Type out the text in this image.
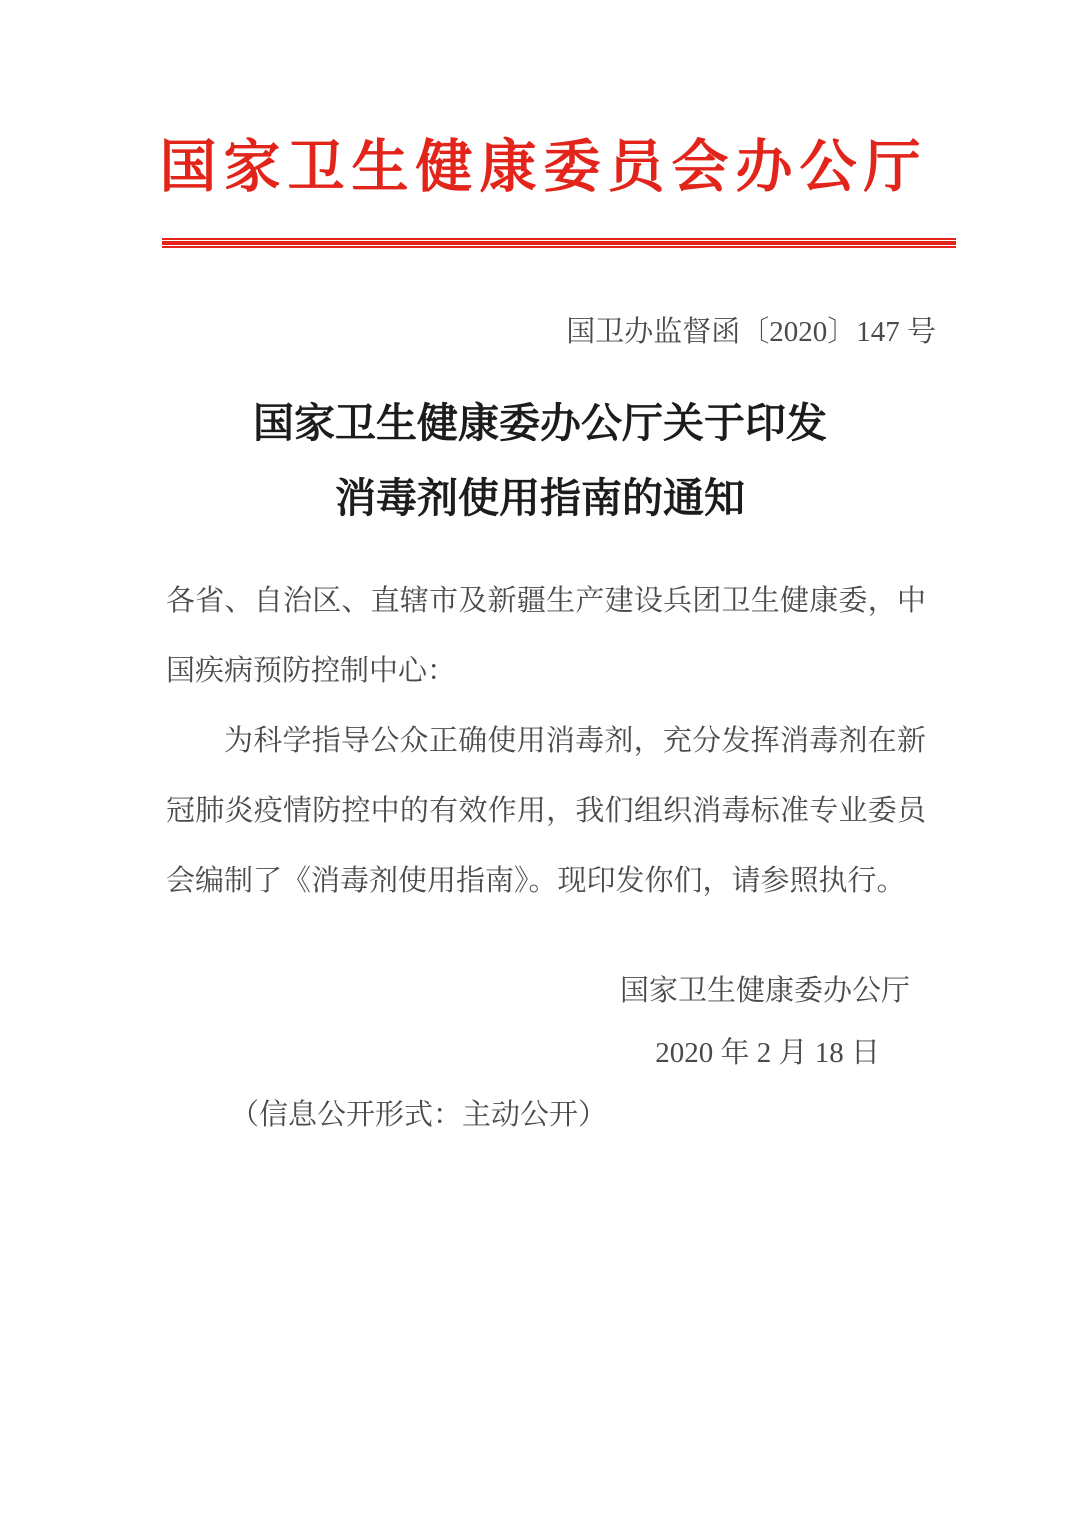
国家卫生健康委员会办公厅
国卫办监督函〔2020〕147 号
国家卫生健康委办公厅关于印发
消毒剂使用指南的通知
各省、自治区、直辖市及新疆生产建设兵团卫生健康委，中
国疾病预防控制中心：
为科学指导公众正确使用消毒剂，充分发挥消毒剂在新
冠肺炎疫情防控中的有效作用，我们组织消毒标准专业委员
会编制了《消毒剂使用指南》。现印发你们，请参照执行。
国家卫生健康委办公厅
2020 年 2 月 18 日
（信息公开形式：主动公开）
